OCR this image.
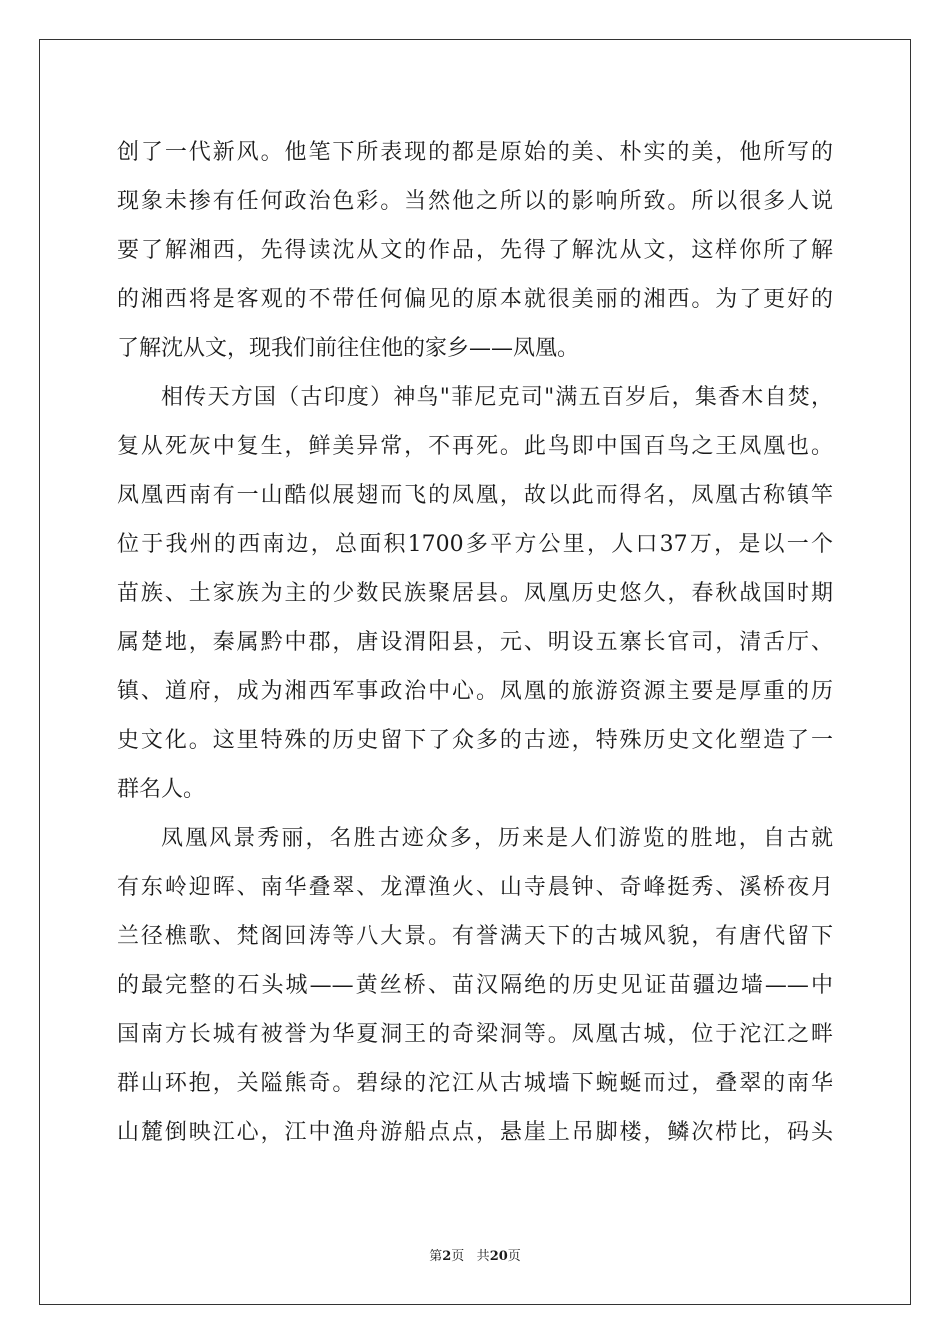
创了一代新风。他笔下所表现的都是原始的美、朴实的美，他所写的
现象未掺有任何政治色彩。当然他之所以的影响所致。所以很多人说
要了解湘西，先得读沈从文的作品，先得了解沈从文，这样你所了解
的湘西将是客观的不带任何偏见的原本就很美丽的湘西。为了更好的
了解沈从文，现我们前往住他的家乡——凤凰。
相传天方国（古印度）神鸟"菲尼克司"满五百岁后，集香木自焚，
复从死灰中复生，鲜美异常，不再死。此鸟即中国百鸟之王凤凰也。
凤凰西南有一山酷似展翅而飞的凤凰，故以此而得名，凤凰古称镇竿
位于我州的西南边，总面积1700多平方公里，人口37万，是以一个
苗族、土家族为主的少数民族聚居县。凤凰历史悠久，春秋战国时期
属楚地，秦属黔中郡，唐设渭阳县，元、明设五寨长官司，清舌厅、
镇、道府，成为湘西军事政治中心。凤凰的旅游资源主要是厚重的历
史文化。这里特殊的历史留下了众多的古迹，特殊历史文化塑造了一
群名人。
凤凰风景秀丽，名胜古迹众多，历来是人们游览的胜地，自古就
有东岭迎晖、南华叠翠、龙潭渔火、山寺晨钟、奇峰挺秀、溪桥夜月
兰径樵歌、梵阁回涛等八大景。有誉满天下的古城风貌，有唐代留下
的最完整的石头城——黄丝桥、苗汉隔绝的历史见证苗疆边墙——中
国南方长城有被誉为华夏洞王的奇梁洞等。凤凰古城，位于沱江之畔
群山环抱，关隘熊奇。碧绿的沱江从古城墙下蜿蜒而过，叠翠的南华
山麓倒映江心，江中渔舟游船点点，悬崖上吊脚楼，鳞次栉比，码头
第2页 共20页
